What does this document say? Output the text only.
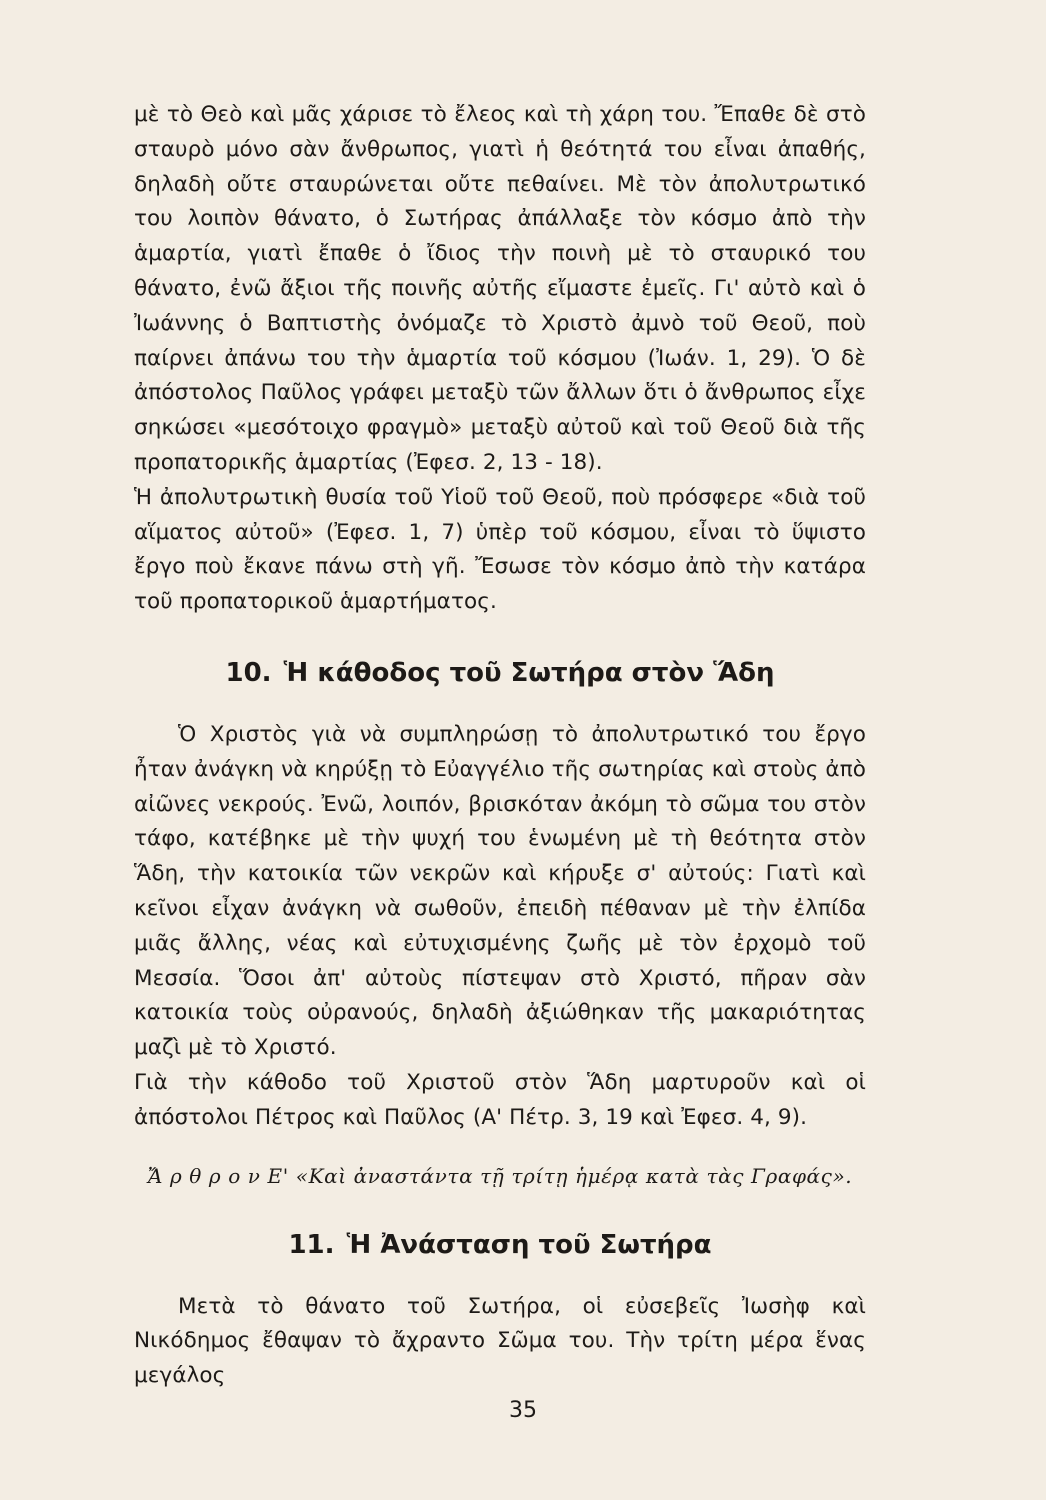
μὲ τὸ Θεὸ καὶ μᾶς χάρισε τὸ ἔλεος καὶ τὴ χάρη του. Ἔπαθε δὲ στὸ σταυρὸ μόνο σὰν ἄνθρωπος, γιατὶ ἡ θεότητά του εἶναι ἀπαθής, δηλαδὴ οὔτε σταυρώνεται οὔτε πεθαίνει. Μὲ τὸν ἀπολυτρωτικό του λοιπὸν θάνατο, ὁ Σωτήρας ἀπάλλαξε τὸν κόσμο ἀπὸ τὴν ἁμαρτία, γιατὶ ἔπαθε ὁ ἴδιος τὴν ποινὴ μὲ τὸ σταυρικό του θάνατο, ἐνῶ ἄξιοι τῆς ποινῆς αὐτῆς εἴμαστε ἐμεῖς. Γι' αὐτὸ καὶ ὁ Ἰωάννης ὁ Βαπτιστὴς ὀνόμαζε τὸ Χριστὸ ἀμνὸ τοῦ Θεοῦ, ποὺ παίρνει ἀπάνω του τὴν ἁμαρτία τοῦ κόσμου (Ἰωάν. 1, 29). Ὁ δὲ ἀπόστολος Παῦλος γράφει μεταξὺ τῶν ἄλλων ὅτι ὁ ἄνθρωπος εἶχε σηκώσει «μεσότοιχο φραγμὸ» μεταξὺ αὐτοῦ καὶ τοῦ Θεοῦ διὰ τῆς προπατορικῆς ἁμαρτίας (Ἐφεσ. 2, 13 - 18).

Ἡ ἀπολυτρωτικὴ θυσία τοῦ Υἱοῦ τοῦ Θεοῦ, ποὺ πρόσφερε «διὰ τοῦ αἵματος αὐτοῦ» (Ἐφεσ. 1, 7) ὑπὲρ τοῦ κόσμου, εἶναι τὸ ὕψιστο ἔργο ποὺ ἔκανε πάνω στὴ γῆ. Ἔσωσε τὸν κόσμο ἀπὸ τὴν κατάρα τοῦ προπατορικοῦ ἁμαρτήματος.

10. Ἡ κάθοδος τοῦ Σωτήρα στὸν Ἅδη

Ὁ Χριστὸς γιὰ νὰ συμπληρώσῃ τὸ ἀπολυτρωτικό του ἔργο ἦταν ἀνάγκη νὰ κηρύξῃ τὸ Εὐαγγέλιο τῆς σωτηρίας καὶ στοὺς ἀπὸ αἰῶνες νεκρούς. Ἐνῶ, λοιπόν, βρισκόταν ἀκόμη τὸ σῶμα του στὸν τάφο, κατέβηκε μὲ τὴν ψυχή του ἑνωμένη μὲ τὴ θεότητα στὸν Ἅδη, τὴν κατοικία τῶν νεκρῶν καὶ κήρυξε σ' αὐτούς: Γιατὶ καὶ κεῖνοι εἶχαν ἀνάγκη νὰ σωθοῦν, ἐπειδὴ πέθαναν μὲ τὴν ἐλπίδα μιᾶς ἄλλης, νέας καὶ εὐτυχισμένης ζωῆς μὲ τὸν ἐρχομὸ τοῦ Μεσσία. Ὅσοι ἀπ' αὐτοὺς πίστεψαν στὸ Χριστό, πῆραν σὰν κατοικία τοὺς οὐρανούς, δηλαδὴ ἀξιώθηκαν τῆς μακαριότητας μαζὶ μὲ τὸ Χριστό.

Γιὰ τὴν κάθοδο τοῦ Χριστοῦ στὸν Ἅδη μαρτυροῦν καὶ οἱ ἀπόστολοι Πέτρος καὶ Παῦλος (Α' Πέτρ. 3, 19 καὶ Ἐφεσ. 4, 9).

Ἄ ρ θ ρ ο ν Ε' «Καὶ ἀναστάντα τῇ τρίτῃ ἡμέρᾳ κατὰ τὰς Γραφάς».

11. Ἡ Ἀνάσταση τοῦ Σωτήρα

Μετὰ τὸ θάνατο τοῦ Σωτήρα, οἱ εὐσεβεῖς Ἰωσὴφ καὶ Νικόδημος ἔθαψαν τὸ ἄχραντο Σῶμα του. Τὴν τρίτη μέρα ἕνας μεγάλος

35
